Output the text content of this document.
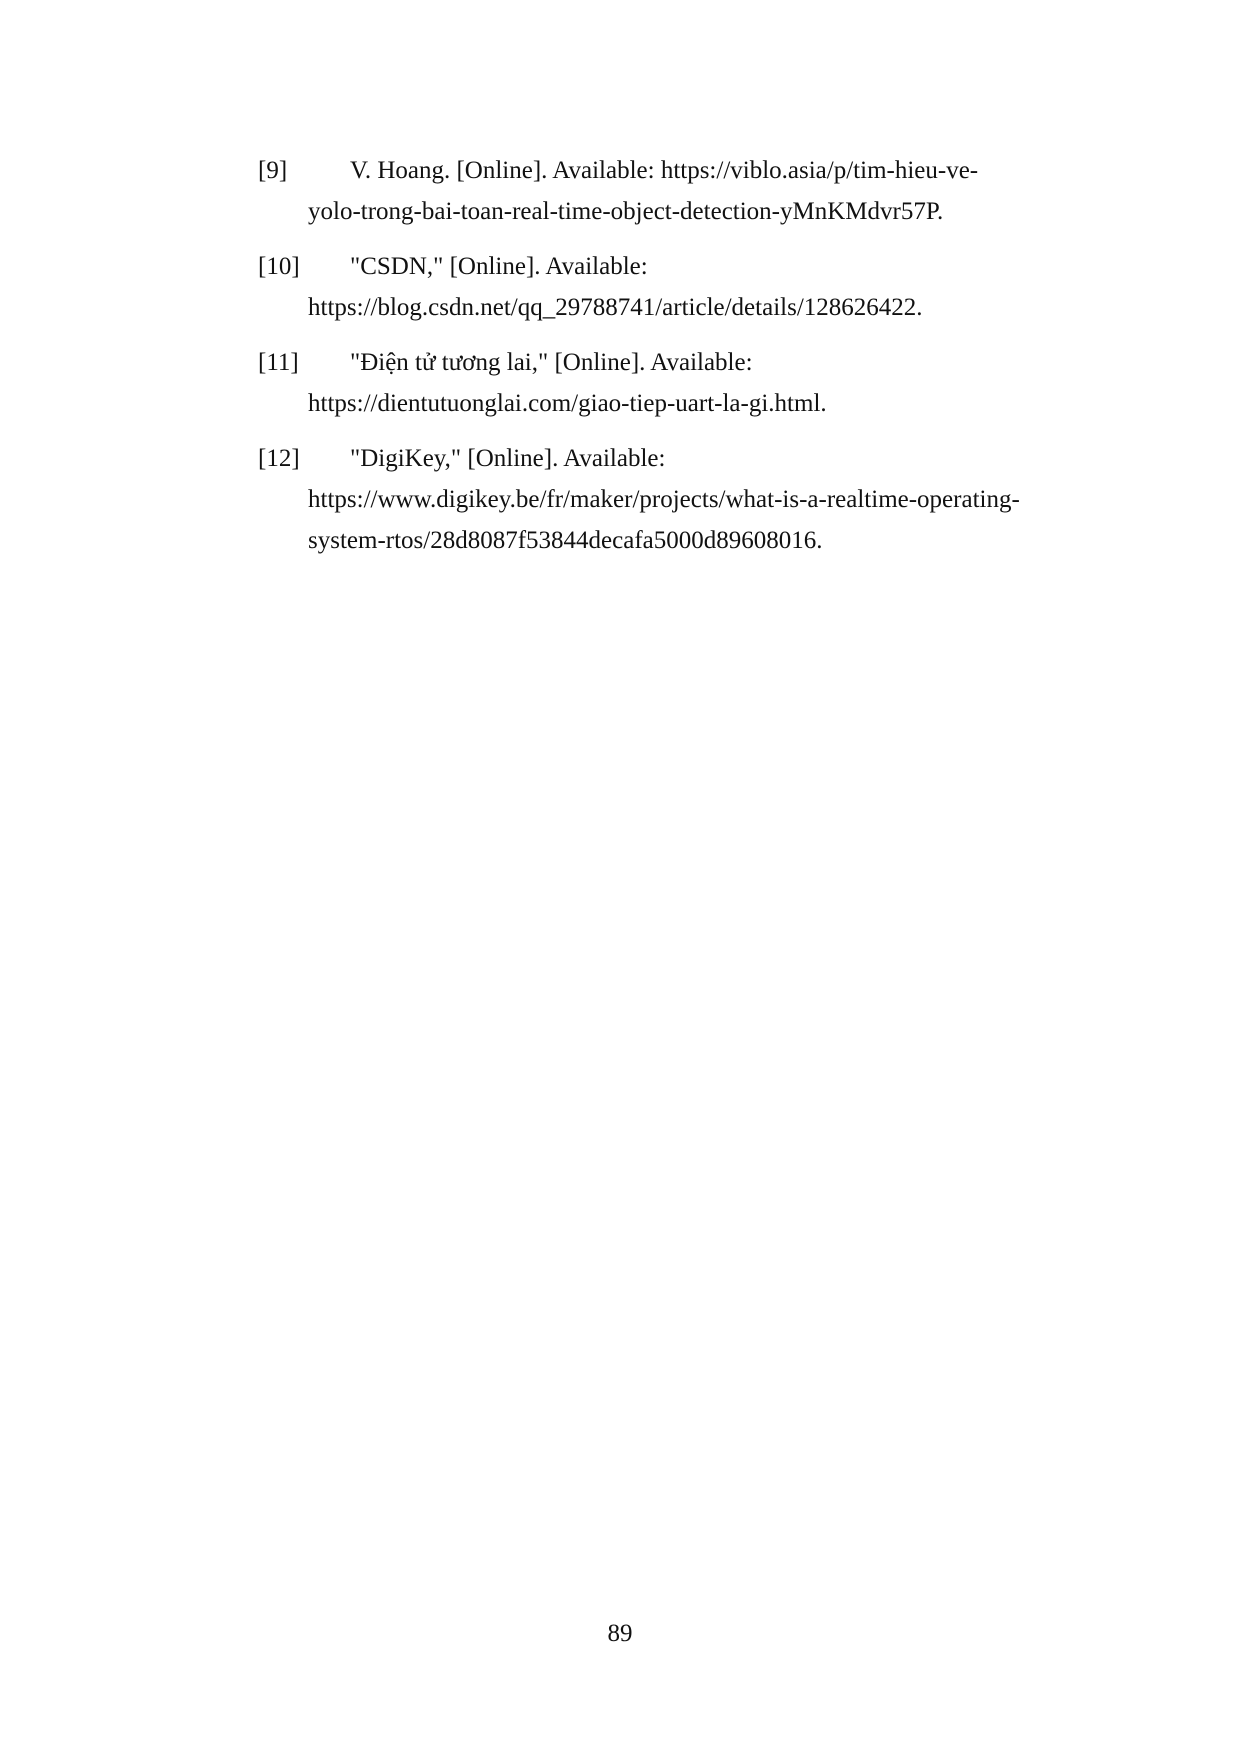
[9]	V. Hoang. [Online]. Available: https://viblo.asia/p/tim-hieu-ve-
yolo-trong-bai-toan-real-time-object-detection-yMnKMdvr57P.
[10]	"CSDN," [Online]. Available:
https://blog.csdn.net/qq_29788741/article/details/128626422.
[11]	"Điện tử tương lai," [Online]. Available:
https://dientutuonglai.com/giao-tiep-uart-la-gi.html.
[12]	"DigiKey," [Online]. Available:
https://www.digikey.be/fr/maker/projects/what-is-a-realtime-operating-
system-rtos/28d8087f53844decafa5000d89608016.
89
